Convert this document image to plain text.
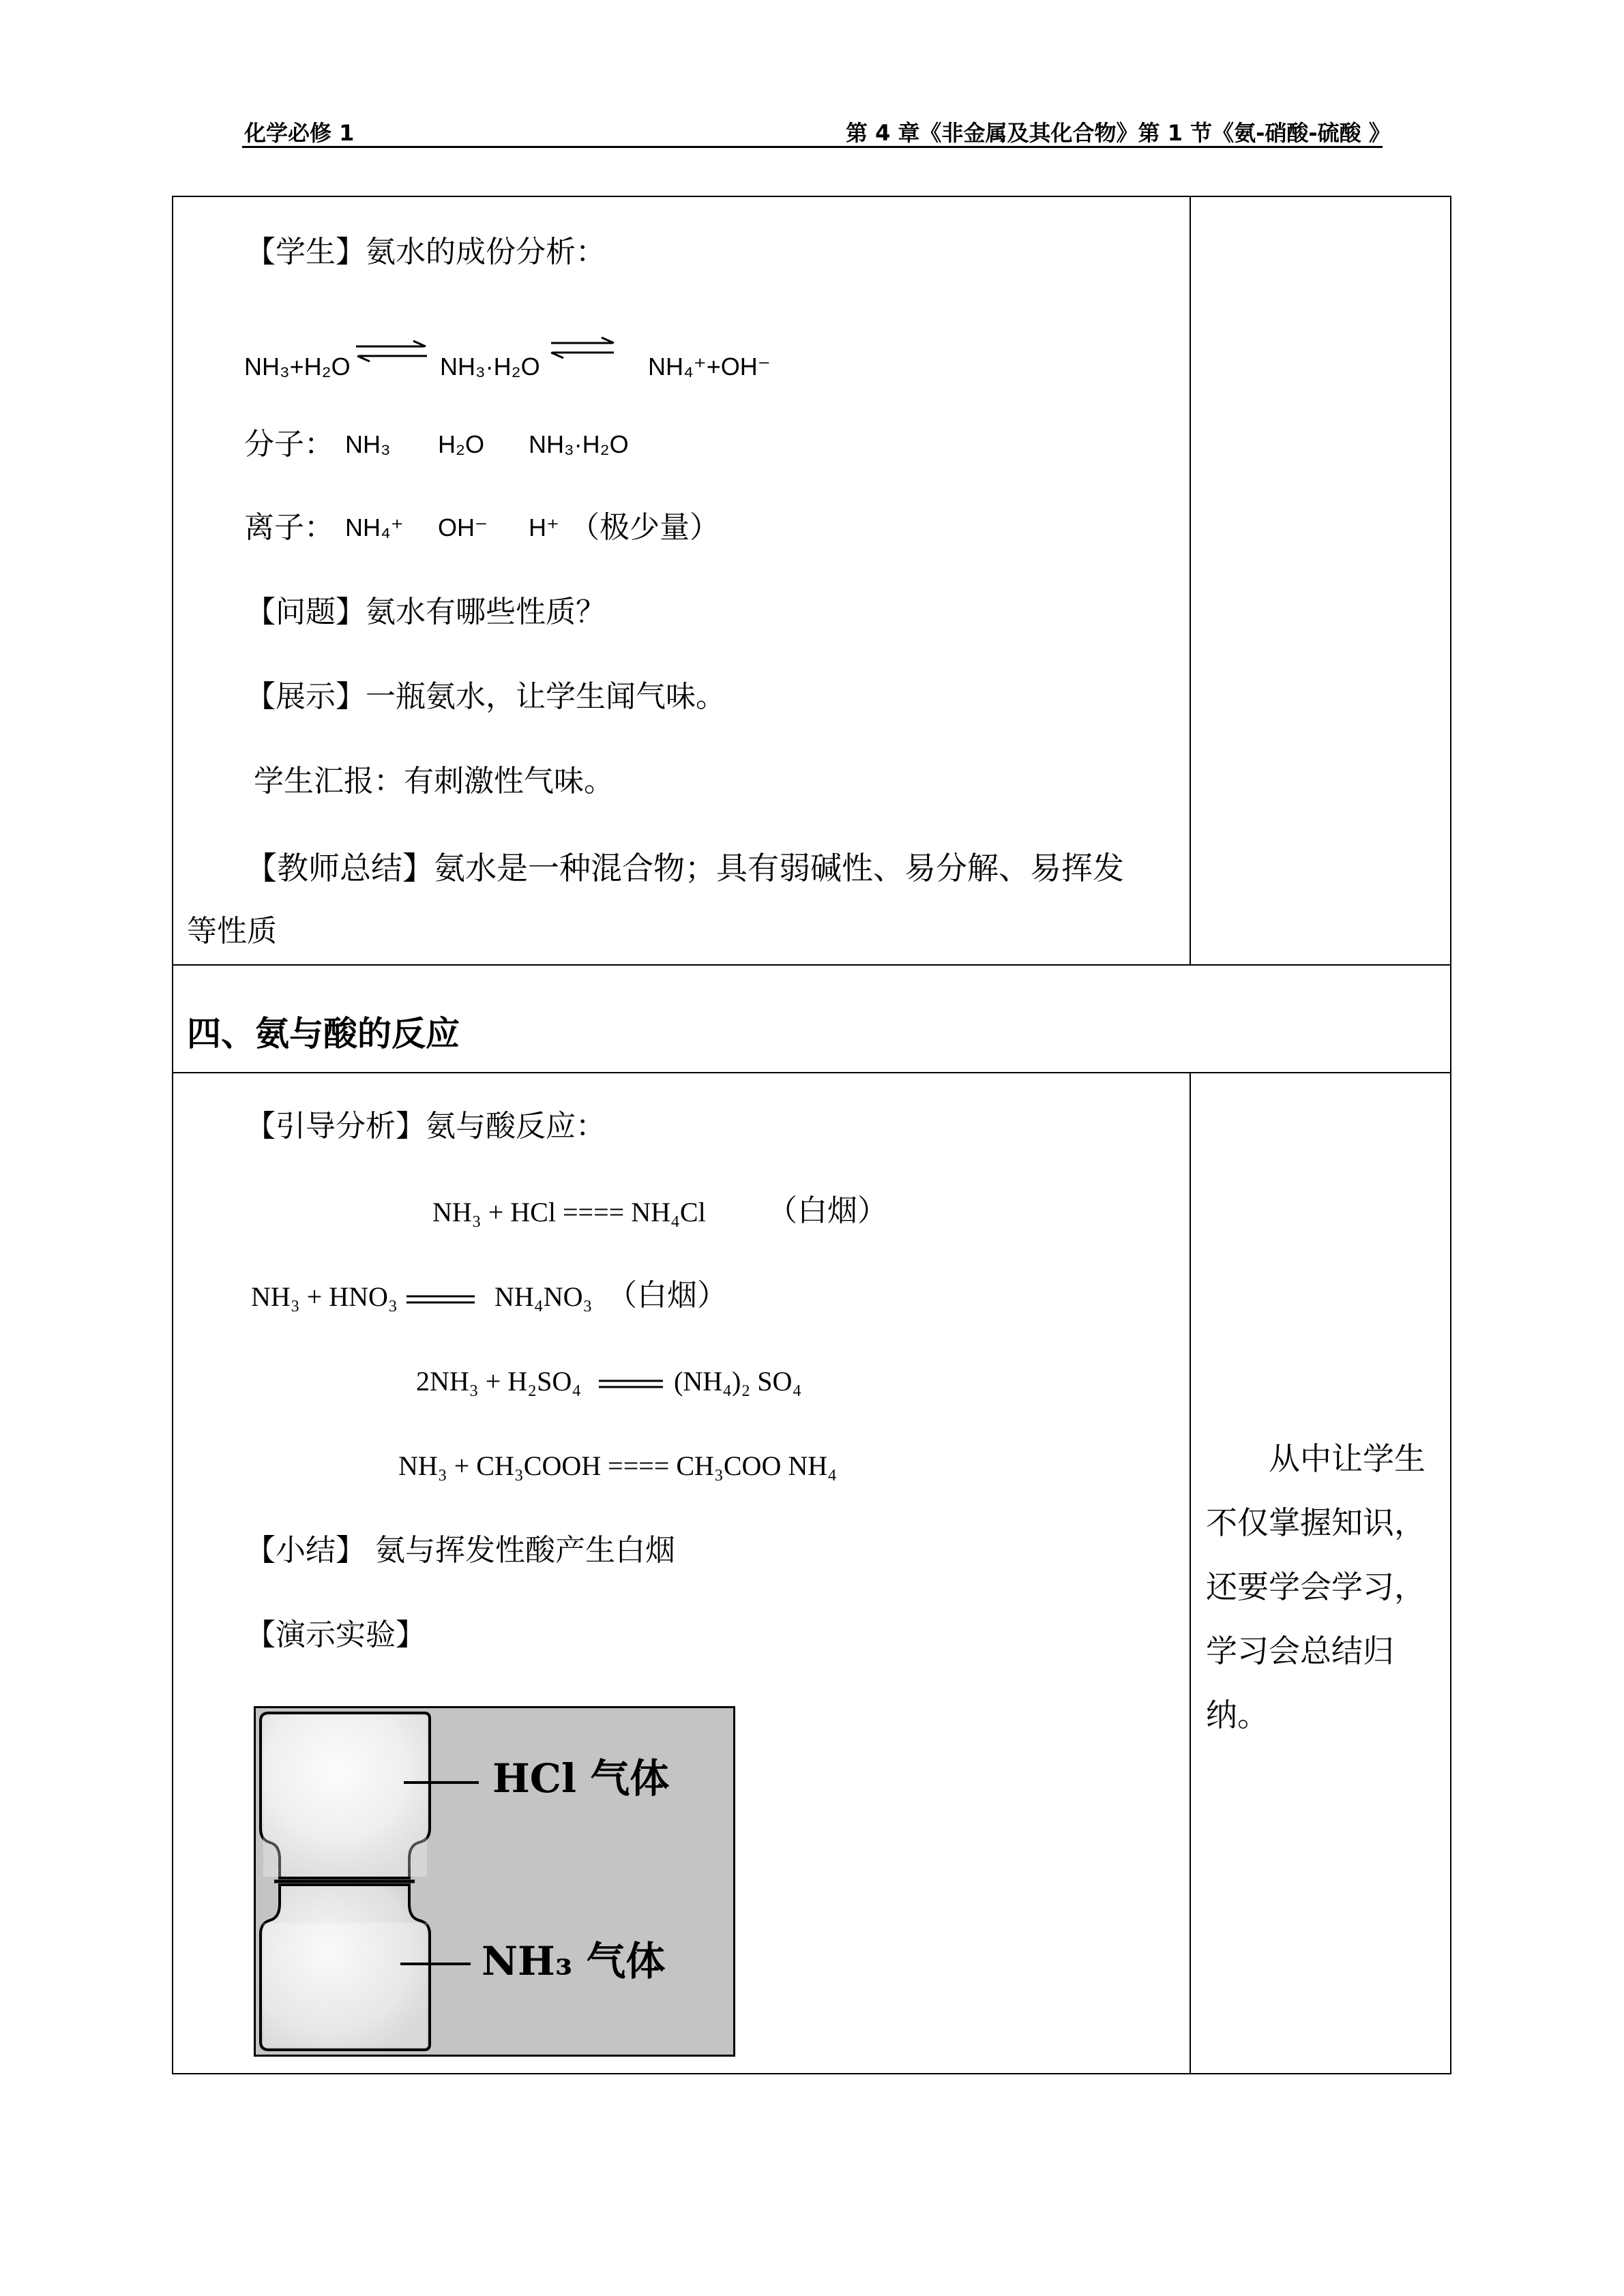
化学必修 1	第 4 章《非金属及其化合物》第 1 节《氨-硝酸-硫酸 》
【学生】氨水的成份分析：
NH₃+H₂O	NH₃·H₂O	NH₄⁺+OH⁻
分子： NH₃ H₂O NH₃·H₂O
离子： NH₄⁺ OH⁻ H⁺ （极少量）
【问题】氨水有哪些性质？
【展示】一瓶氨水，让学生闻气味。
学生汇报：有刺激性气味。
【教师总结】氨水是一种混合物；具有弱碱性、易分解、易挥发
等性质
四、氨与酸的反应
【引导分析】氨与酸反应：
NH₃ + HCl ==== NH₄Cl （白烟）
NH₃ + HNO₃	NH₄NO₃ （白烟）
2NH₃ + H₂SO₄	(NH₄)₂ SO₄
NH₃ + CH₃COOH ==== CH₃COO NH₄
【小结】 氨与挥发性酸产生白烟
【演示实验】
HCl 气体
NH₃ 气体
从中让学生不仅掌握知识，还要学会学习，学习会总结归纳。
